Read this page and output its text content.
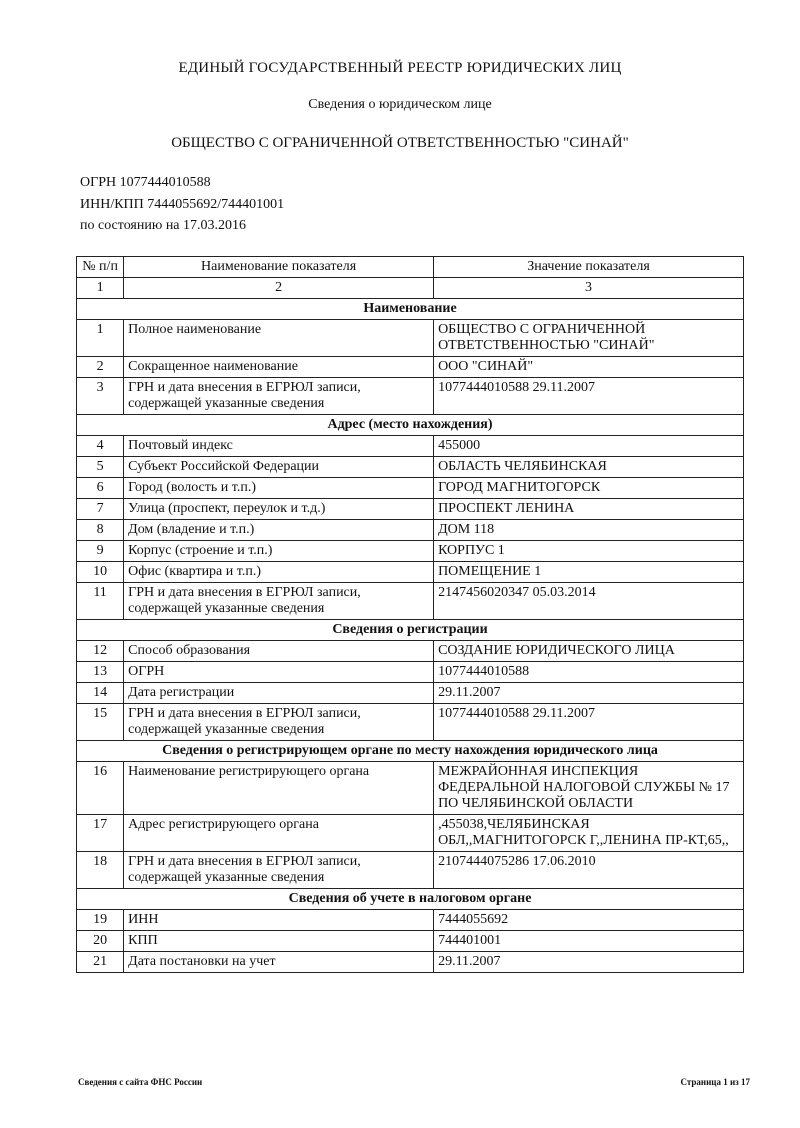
ЕДИНЫЙ ГОСУДАРСТВЕННЫЙ РЕЕСТР ЮРИДИЧЕСКИХ ЛИЦ
Сведения о юридическом лице
ОБЩЕСТВО С ОГРАНИЧЕННОЙ ОТВЕТСТВЕННОСТЬЮ "СИНАЙ"
ОГРН 1077444010588
ИНН/КПП 7444055692/744401001
по состоянию на 17.03.2016
№ п/п	Наименование показателя	Значение показателя
1	2	3
Наименование		
1	Полное наименование	ОБЩЕСТВО С ОГРАНИЧЕННОЙ ОТВЕТСТВЕННОСТЬЮ "СИНАЙ"
2	Сокращенное наименование	ООО "СИНАЙ"
3	ГРН и дата внесения в ЕГРЮЛ записи, содержащей указанные сведения	1077444010588 29.11.2007
Адрес (место нахождения)		
4	Почтовый индекс	455000
5	Субъект Российской Федерации	ОБЛАСТЬ ЧЕЛЯБИНСКАЯ
6	Город (волость и т.п.)	ГОРОД МАГНИТОГОРСК
7	Улица (проспект, переулок и т.д.)	ПРОСПЕКТ ЛЕНИНА
8	Дом (владение и т.п.)	ДОМ 118
9	Корпус (строение и т.п.)	КОРПУС 1
10	Офис (квартира и т.п.)	ПОМЕЩЕНИЕ 1
11	ГРН и дата внесения в ЕГРЮЛ записи, содержащей указанные сведения	2147456020347 05.03.2014
Сведения о регистрации		
12	Способ образования	СОЗДАНИЕ ЮРИДИЧЕСКОГО ЛИЦА
13	ОГРН	1077444010588
14	Дата регистрации	29.11.2007
15	ГРН и дата внесения в ЕГРЮЛ записи, содержащей указанные сведения	1077444010588 29.11.2007
Сведения о регистрирующем органе по месту нахождения юридического лица		
16	Наименование регистрирующего органа	МЕЖРАЙОННАЯ ИНСПЕКЦИЯ ФЕДЕРАЛЬНОЙ НАЛОГОВОЙ СЛУЖБЫ № 17 ПО ЧЕЛЯБИНСКОЙ ОБЛАСТИ
17	Адрес регистрирующего органа	,455038,ЧЕЛЯБИНСКАЯ ОБЛ,,МАГНИТОГОРСК Г,,ЛЕНИНА ПР-КТ,65,,
18	ГРН и дата внесения в ЕГРЮЛ записи, содержащей указанные сведения	2107444075286 17.06.2010
Сведения об учете в налоговом органе		
19	ИНН	7444055692
20	КПП	744401001
21	Дата постановки на учет	29.11.2007
Сведения с сайта ФНС России	Страница 1 из 17
